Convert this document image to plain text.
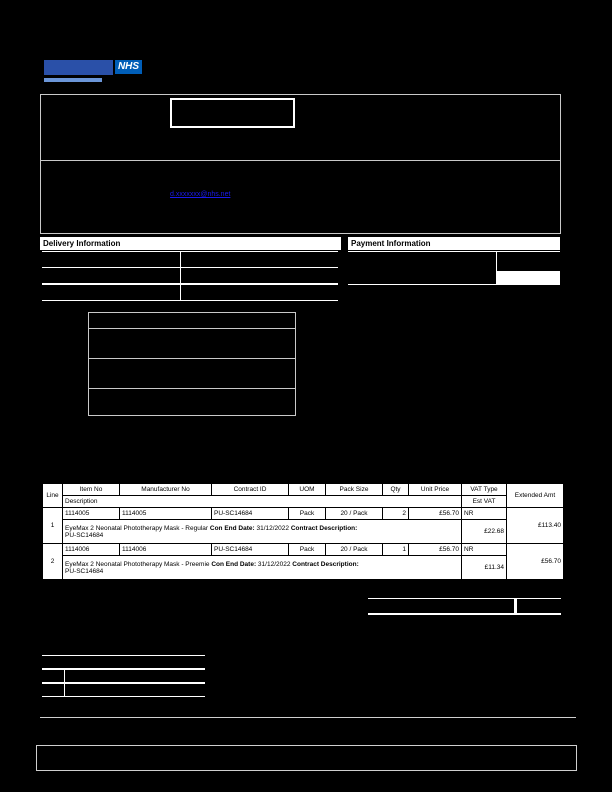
NHS
d.xxxxxxx@nhs.net
Delivery Information	Payment Information
Line	Item No	Manufacturer No	Contract ID	UOM	Pack Size	Qty	Unit Price	VAT Type	Extended Amt
	Description							Est VAT	
1	1114005	1114005	PU-SC14684	Pack	20 / Pack	2	£56.70	NR	£113.40
	EyeMax 2 Neonatal Phototherapy Mask - Regular Con End Date: 31/12/2022 Contract Description:
PU-SC14684							£22.68	
2	1114006	1114006	PU-SC14684	Pack	20 / Pack	1	£56.70	NR	£56.70
	EyeMax 2 Neonatal Phototherapy Mask - Preemie Con End Date: 31/12/2022 Contract Description:
PU-SC14684							£11.34	
